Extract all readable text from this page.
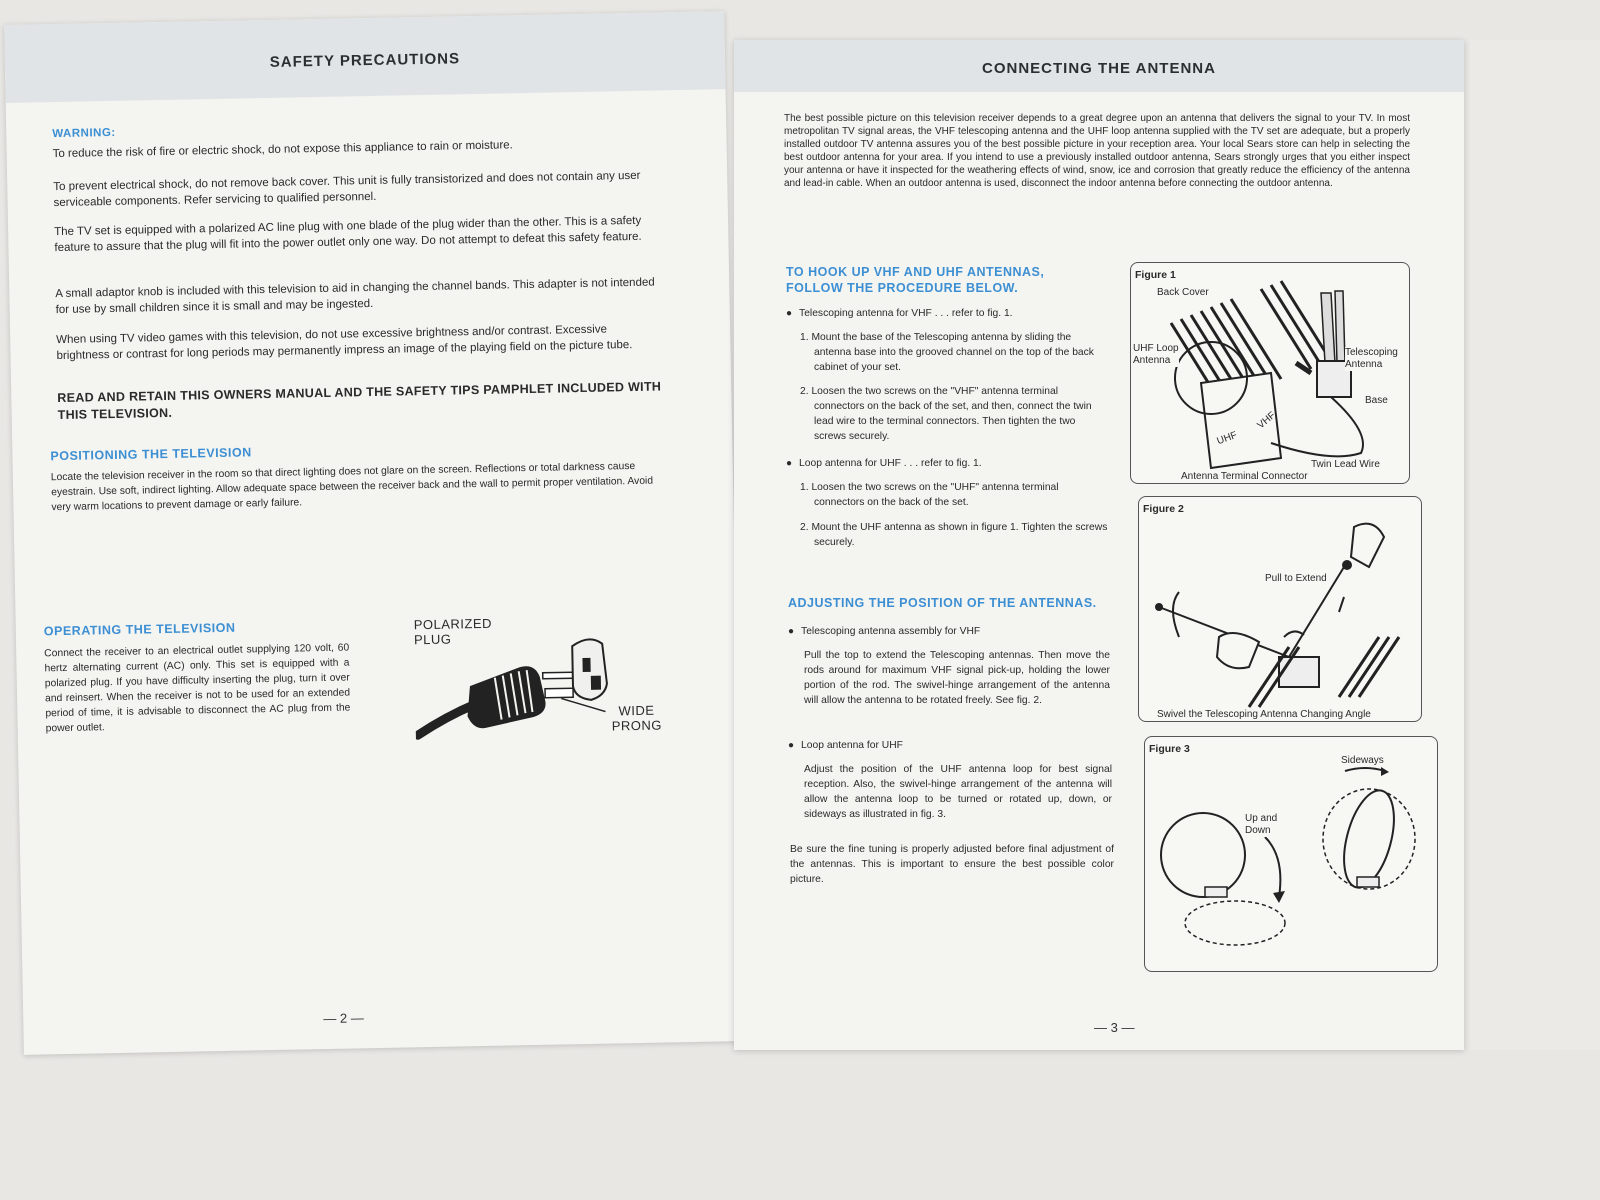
SAFETY PRECAUTIONS
WARNING:
To reduce the risk of fire or electric shock, do not expose this appliance to rain or moisture.
To prevent electrical shock, do not remove back cover. This unit is fully transistorized and does not contain any user serviceable components. Refer servicing to qualified personnel.
The TV set is equipped with a polarized AC line plug with one blade of the plug wider than the other. This is a safety feature to assure that the plug will fit into the power outlet only one way. Do not attempt to defeat this safety feature.
A small adaptor knob is included with this television to aid in changing the channel bands. This adapter is not intended for use by small children since it is small and may be ingested.
When using TV video games with this television, do not use excessive brightness and/or contrast. Excessive brightness or contrast for long periods may permanently impress an image of the playing field on the picture tube.
READ AND RETAIN THIS OWNERS MANUAL AND THE SAFETY TIPS PAMPHLET INCLUDED WITH THIS TELEVISION.
POSITIONING THE TELEVISION
Locate the television receiver in the room so that direct lighting does not glare on the screen. Reflections or total darkness cause eyestrain. Use soft, indirect lighting. Allow adequate space between the receiver back and the wall to permit proper ventilation. Avoid very warm locations to prevent damage or early failure.
OPERATING THE TELEVISION
Connect the receiver to an electrical outlet supplying 120 volt, 60 hertz alternating current (AC) only. This set is equipped with a polarized plug. If you have difficulty inserting the plug, turn it over and reinsert. When the receiver is not to be used for an extended period of time, it is advisable to disconnect the AC plug from the power outlet.
POLARIZED
PLUG
WIDE
PRONG
— 2 —
CONNECTING THE ANTENNA
The best possible picture on this television receiver depends to a great degree upon an antenna that delivers the signal to your TV. In most metropolitan TV signal areas, the VHF telescoping antenna and the UHF loop antenna supplied with the TV set are adequate, but a properly installed outdoor TV antenna assures you of the best possible picture in your reception area. Your local Sears store can help in selecting the best outdoor antenna for your area. If you intend to use a previously installed outdoor antenna, Sears strongly urges that you either inspect your antenna or have it inspected for the weathering effects of wind, snow, ice and corrosion that greatly reduce the efficiency of the antenna and lead-in cable. When an outdoor antenna is used, disconnect the indoor antenna before connecting the outdoor antenna.
TO HOOK UP VHF AND UHF ANTENNAS,
FOLLOW THE PROCEDURE BELOW.
● Telescoping antenna for VHF . . . refer to fig. 1.
1. Mount the base of the Telescoping antenna by sliding the antenna base into the grooved channel on the top of the back cabinet of your set.
2. Loosen the two screws on the "VHF" antenna terminal connectors on the back of the set, and then, connect the twin lead wire to the terminal connectors. Then tighten the two screws securely.
● Loop antenna for UHF . . . refer to fig. 1.
1. Loosen the two screws on the "UHF" antenna terminal connectors on the back of the set.
2. Mount the UHF antenna as shown in figure 1. Tighten the screws securely.
ADJUSTING THE POSITION OF THE ANTENNAS.
● Telescoping antenna assembly for VHF
Pull the top to extend the Telescoping antennas. Then move the rods around for maximum VHF signal pick-up, holding the lower portion of the rod. The swivel-hinge arrangement of the antenna will allow the antenna to be rotated freely. See fig. 2.
● Loop antenna for UHF
Adjust the position of the UHF antenna loop for best signal reception. Also, the swivel-hinge arrangement of the antenna will allow the antenna loop to be turned or rotated up, down, or sideways as illustrated in fig. 3.
Be sure the fine tuning is properly adjusted before final adjustment of the antennas. This is important to ensure the best possible color picture.
Figure 1
Back Cover
UHF Loop
Antenna
Telescoping
Antenna
Base
UHF
VHF
Twin Lead Wire
Antenna Terminal Connector
Figure 2
Pull to Extend
Swivel the Telescoping Antenna Changing Angle
Figure 3
Sideways
Up and
Down
— 3 —
